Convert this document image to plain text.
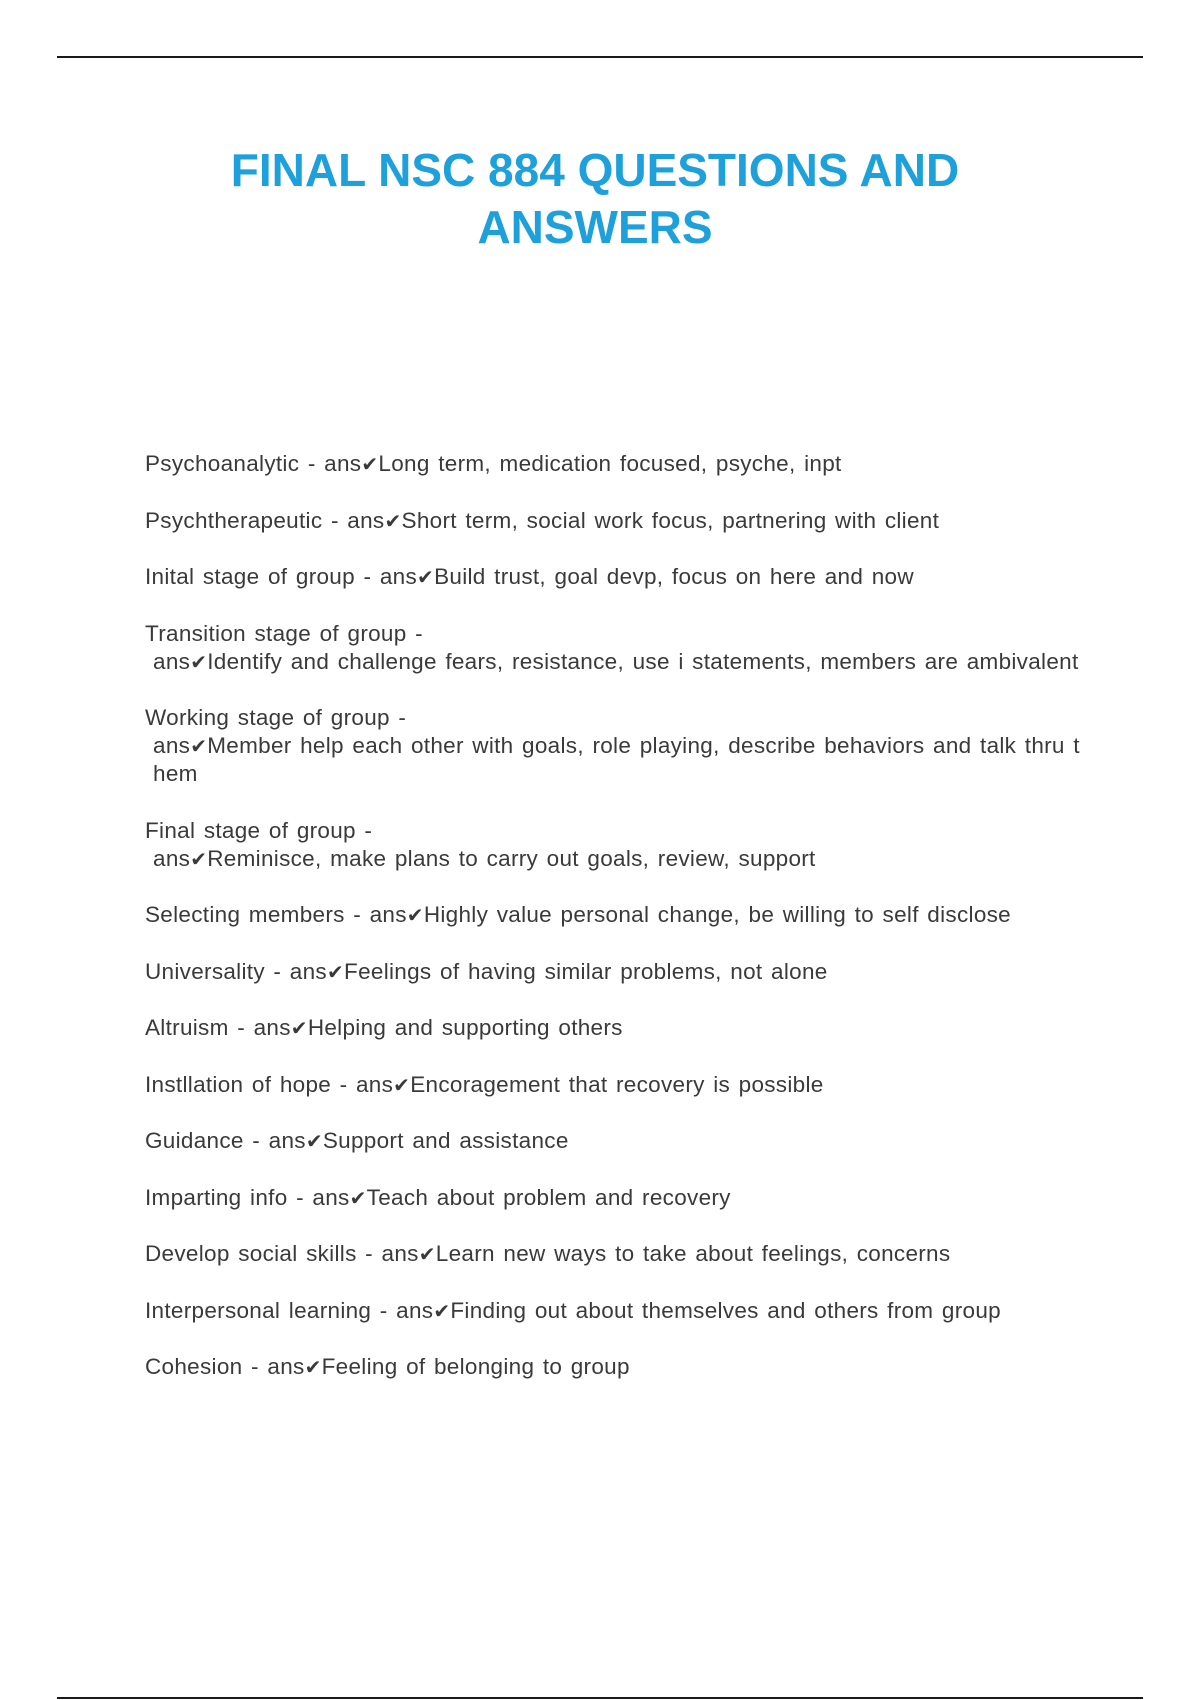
FINAL NSC 884 QUESTIONS AND ANSWERS
Psychoanalytic - ans✔Long term, medication focused, psyche, inpt
Psychtherapeutic - ans✔Short term, social work focus, partnering with client
Inital stage of group - ans✔Build trust, goal devp, focus on here and now
Transition stage of group -
ans✔Identify and challenge fears, resistance, use i statements, members are ambivalent
Working stage of group -
ans✔Member help each other with goals, role playing, describe behaviors and talk thru them
Final stage of group -
ans✔Reminisce, make plans to carry out goals, review, support
Selecting members - ans✔Highly value personal change, be willing to self disclose
Universality - ans✔Feelings of having similar problems, not alone
Altruism - ans✔Helping and supporting others
Instllation of hope - ans✔Encoragement that recovery is possible
Guidance - ans✔Support and assistance
Imparting info - ans✔Teach about problem and recovery
Develop social skills - ans✔Learn new ways to take about feelings, concerns
Interpersonal learning - ans✔Finding out about themselves and others from group
Cohesion - ans✔Feeling of belonging to group
